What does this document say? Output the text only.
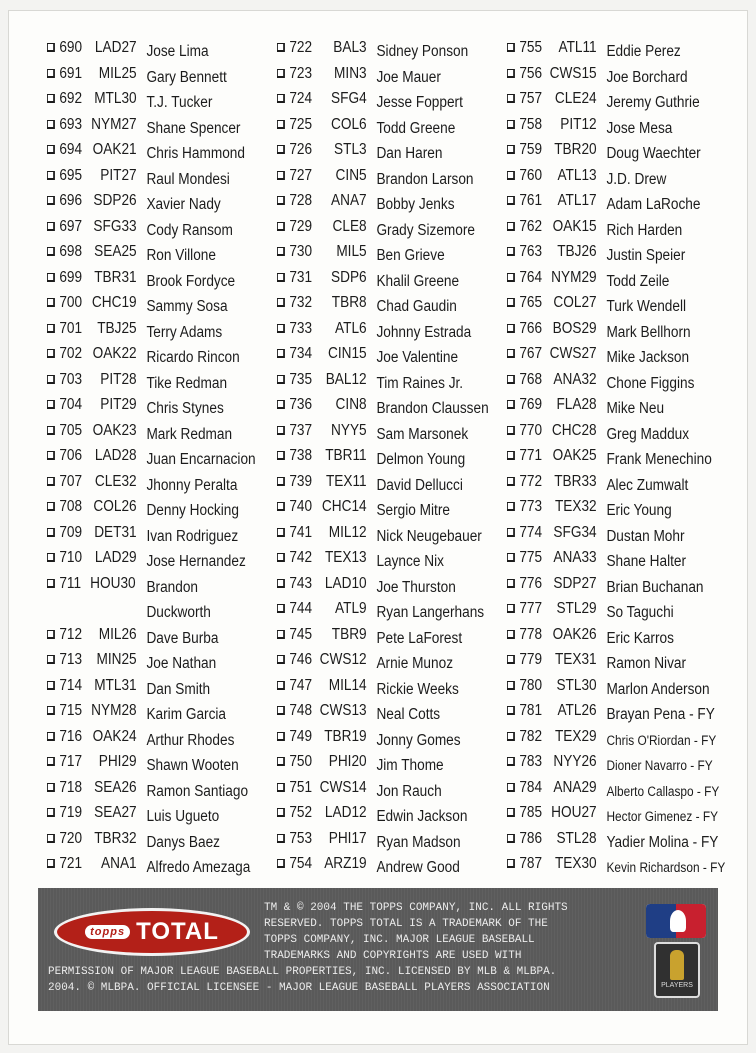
690 LAD27 Jose Lima
691 MIL25 Gary Bennett
692 MTL30 T.J. Tucker
693 NYM27 Shane Spencer
694 OAK21 Chris Hammond
695 PIT27 Raul Mondesi
696 SDP26 Xavier Nady
697 SFG33 Cody Ransom
698 SEA25 Ron Villone
699 TBR31 Brook Fordyce
700 CHC19 Sammy Sosa
701 TBJ25 Terry Adams
702 OAK22 Ricardo Rincon
703 PIT28 Tike Redman
704 PIT29 Chris Stynes
705 OAK23 Mark Redman
706 LAD28 Juan Encarnacion
707 CLE32 Jhonny Peralta
708 COL26 Denny Hocking
709 DET31 Ivan Rodriguez
710 LAD29 Jose Hernandez
711 HOU30 Brandon Duckworth
712 MIL26 Dave Burba
713 MIN25 Joe Nathan
714 MTL31 Dan Smith
715 NYM28 Karim Garcia
716 OAK24 Arthur Rhodes
717 PHI29 Shawn Wooten
718 SEA26 Ramon Santiago
719 SEA27 Luis Ugueto
720 TBR32 Danys Baez
721 ANA1 Alfredo Amezaga
722 BAL3 Sidney Ponson
723 MIN3 Joe Mauer
724 SFG4 Jesse Foppert
725 COL6 Todd Greene
726 STL3 Dan Haren
727 CIN5 Brandon Larson
728 ANA7 Bobby Jenks
729 CLE8 Grady Sizemore
730 MIL5 Ben Grieve
731 SDP6 Khalil Greene
732 TBR8 Chad Gaudin
733 ATL6 Johnny Estrada
734 CIN15 Joe Valentine
735 BAL12 Tim Raines Jr.
736 CIN8 Brandon Claussen
737 NYY5 Sam Marsonek
738 TBR11 Delmon Young
739 TEX11 David Dellucci
740 CHC14 Sergio Mitre
741 MIL12 Nick Neugebauer
742 TEX13 Laynce Nix
743 LAD10 Joe Thurston
744 ATL9 Ryan Langerhans
745 TBR9 Pete LaForest
746 CWS12 Arnie Munoz
747 MIL14 Rickie Weeks
748 CWS13 Neal Cotts
749 TBR19 Jonny Gomes
750 PHI20 Jim Thome
751 CWS14 Jon Rauch
752 LAD12 Edwin Jackson
753 PHI17 Ryan Madson
754 ARZ19 Andrew Good
755 ATL11 Eddie Perez
756 CWS15 Joe Borchard
757 CLE24 Jeremy Guthrie
758 PIT12 Jose Mesa
759 TBR20 Doug Waechter
760 ATL13 J.D. Drew
761 ATL17 Adam LaRoche
762 OAK15 Rich Harden
763 TBJ26 Justin Speier
764 NYM29 Todd Zeile
765 COL27 Turk Wendell
766 BOS29 Mark Bellhorn
767 CWS27 Mike Jackson
768 ANA32 Chone Figgins
769 FLA28 Mike Neu
770 CHC28 Greg Maddux
771 OAK25 Frank Menechino
772 TBR33 Alec Zumwalt
773 TEX32 Eric Young
774 SFG34 Dustan Mohr
775 ANA33 Shane Halter
776 SDP27 Brian Buchanan
777 STL29 So Taguchi
778 OAK26 Eric Karros
779 TEX31 Ramon Nivar
780 STL30 Marlon Anderson
781 ATL26 Brayan Pena - FY
782 TEX29 Chris O'Riordan - FY
783 NYY26 Dioner Navarro - FY
784 ANA29 Alberto Callaspo - FY
785 HOU27 Hector Gimenez - FY
786 STL28 Yadier Molina - FY
787 TEX30 Kevin Richardson - FY
topps TOTAL
TM & © 2004 THE TOPPS COMPANY, INC. ALL RIGHTS
RESERVED. TOPPS TOTAL IS A TRADEMARK OF THE
TOPPS COMPANY, INC. MAJOR LEAGUE BASEBALL
TRADEMARKS AND COPYRIGHTS ARE USED WITH
PERMISSION OF MAJOR LEAGUE BASEBALL PROPERTIES, INC. LICENSED BY MLB & MLBPA.
2004. © MLBPA. OFFICIAL LICENSEE - MAJOR LEAGUE BASEBALL PLAYERS ASSOCIATION	PLAYERS
